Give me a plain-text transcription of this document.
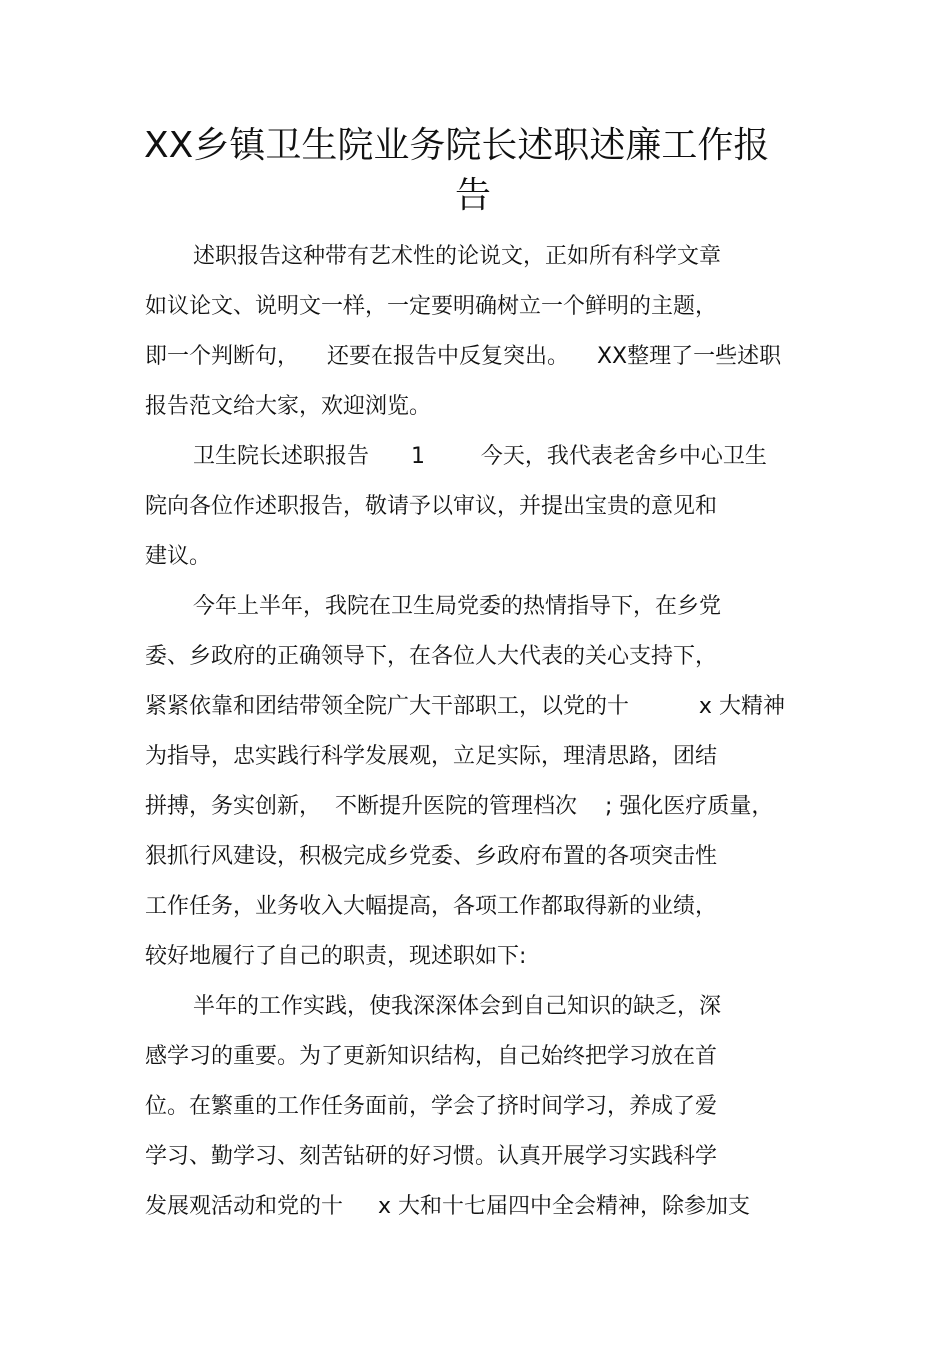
XX乡镇卫生院业务院长述职述廉工作报
告

述职报告这种带有艺术性的论说文，正如所有科学文章

如议论文、说明文一样，一定要明确树立一个鲜明的主题，

即一个判断句，    还要在报告中反复突出。    XX整理了一些述职

报告范文给大家，欢迎浏览。

卫生院长述职报告      1        今天，我代表老舍乡中心卫生

院向各位作述职报告，敬请予以审议，并提出宝贵的意见和

建议。

今年上半年，我院在卫生局党委的热情指导下，在乡党

委、乡政府的正确领导下，在各位人大代表的关心支持下，

紧紧依靠和团结带领全院广大干部职工，以党的十          x 大精神

为指导，忠实践行科学发展观，立足实际，理清思路，团结

拼搏，务实创新，  不断提升医院的管理档次    ; 强化医疗质量，

狠抓行风建设，积极完成乡党委、乡政府布置的各项突击性

工作任务，业务收入大幅提高，各项工作都取得新的业绩，

较好地履行了自己的职责，现述职如下:

半年的工作实践，使我深深体会到自己知识的缺乏，深

感学习的重要。为了更新知识结构，自己始终把学习放在首

位。在繁重的工作任务面前，学会了挤时间学习，养成了爱

学习、勤学习、刻苦钻研的好习惯。认真开展学习实践科学

发展观活动和党的十     x 大和十七届四中全会精神，除参加支
